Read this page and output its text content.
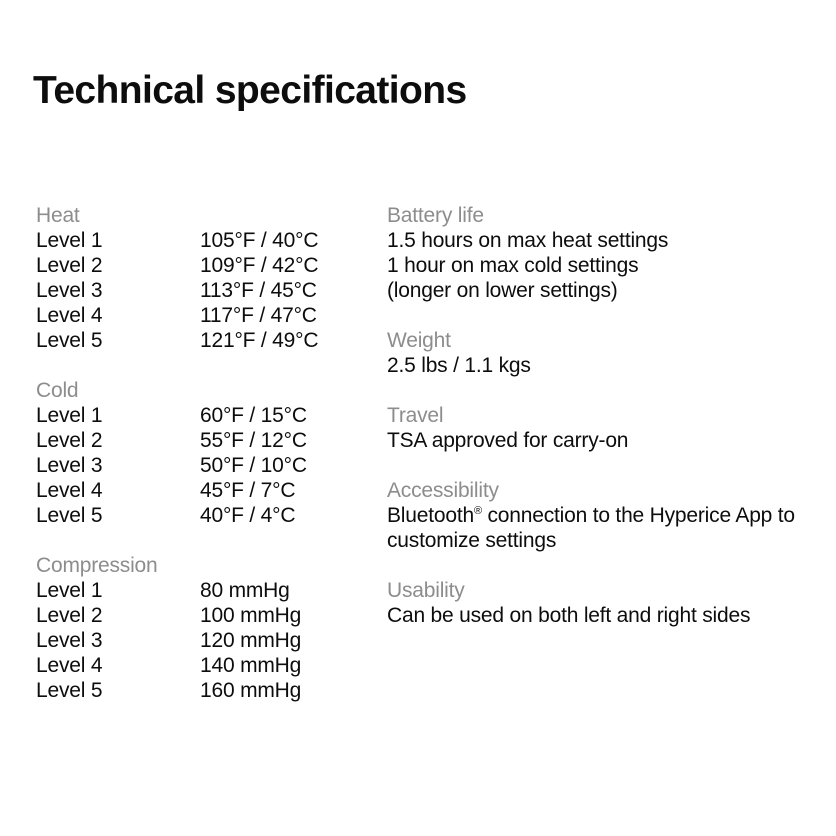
Technical specifications
Heat
Level 1	105°F / 40°C
Level 2	109°F / 42°C
Level 3	113°F / 45°C
Level 4	117°F / 47°C
Level 5	121°F / 49°C
Cold
Level 1	60°F / 15°C
Level 2	55°F / 12°C
Level 3	50°F / 10°C
Level 4	45°F / 7°C
Level 5	40°F / 4°C
Compression
Level 1	80 mmHg
Level 2	100 mmHg
Level 3	120 mmHg
Level 4	140 mmHg
Level 5	160 mmHg
Battery life
1.5 hours on max heat settings
1 hour on max cold settings
(longer on lower settings)
Weight
2.5 lbs / 1.1 kgs
Travel
TSA approved for carry-on
Accessibility
Bluetooth® connection to the Hyperice App to customize settings
Usability
Can be used on both left and right sides
